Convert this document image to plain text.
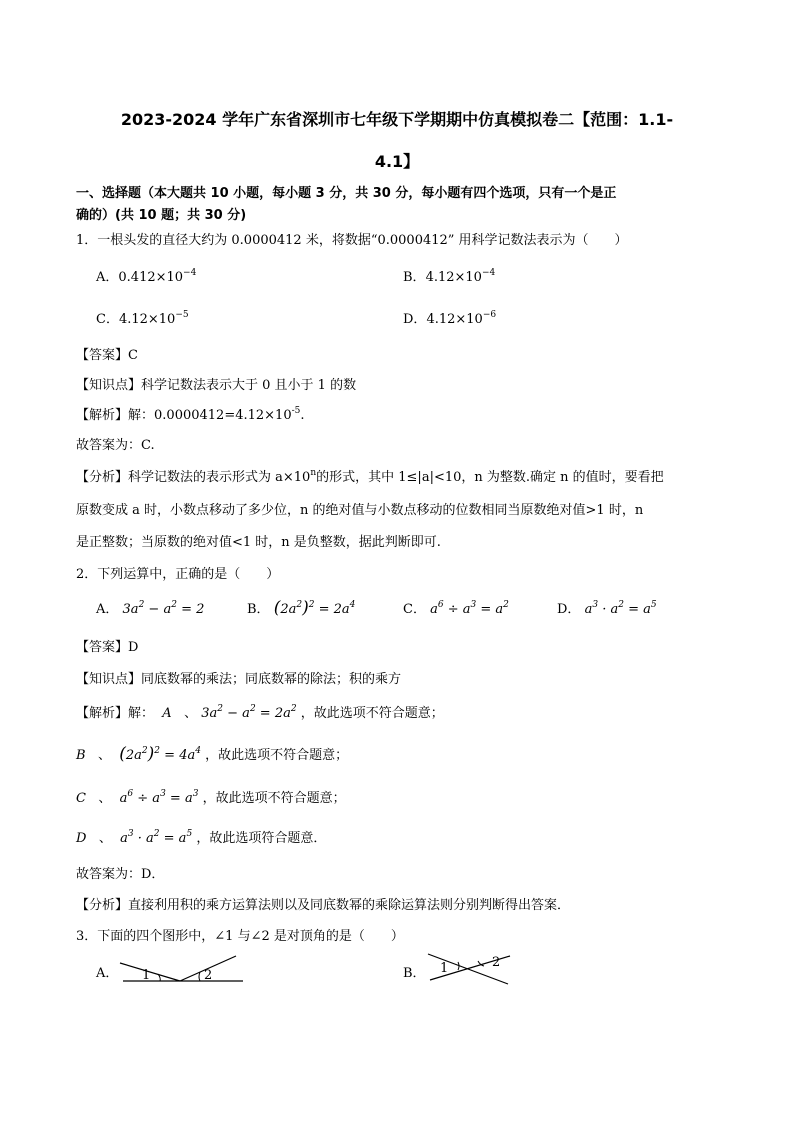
2023-2024 学年广东省深圳市七年级下学期期中仿真模拟卷二【范围：1.1-
4.1】
一、选择题（本大题共 10 小题，每小题 3 分，共 30 分，每小题有四个选项，只有一个是正
确的）(共 10 题；共 30 分)
1．一根头发的直径大约为 0.0000412 米，将数据“0.0000412” 用科学记数法表示为（　　）
A．$0.412\times 10^{-4}$	B．$4.12\times 10^{-4}$
C．$4.12\times 10^{-5}$	D．$4.12\times 10^{-6}$
【答案】C
【知识点】科学记数法表示大于 0 且小于 1 的数
【解析】解：$0.0000412=4.12\times 10^{-5}$.
故答案为：C.
【分析】科学记数法的表示形式为 $a\times 10^n$的形式，其中 1≤|a|<10，n 为整数.确定 n 的值时，要看把
原数变成 a 时，小数点移动了多少位，n 的绝对值与小数点移动的位数相同当原数绝对值>1 时，n
是正整数；当原数的绝对值<1 时，n 是负整数，据此判断即可.
2．下列运算中，正确的是（　　）
A． $3a^2 - a^2 = 2$	B． $(2a^2)^2 = 2a^4$	C． $a^6 \div a^3 = a^2$	D． $a^3 \cdot a^2 = a^5$
【答案】D
【知识点】同底数幂的乘法；同底数幂的除法；积的乘方
【解析】解： A 、 $3a^2 - a^2 = 2a^2$ ，故此选项不符合题意；
B 、 $(2a^2)^2 = 4a^4$ ，故此选项不符合题意；
C 、 $a^6 \div a^3 = a^3$ ，故此选项不符合题意；
D 、 $a^3 \cdot a^2 = a^5$ ，故此选项符合题意．
故答案为：D．
【分析】直接利用积的乘方运算法则以及同底数幂的乘除运算法则分别判断得出答案．
3．下面的四个图形中，∠1 与∠2 是对顶角的是（　　）
A． 1	2	B． 1	2
